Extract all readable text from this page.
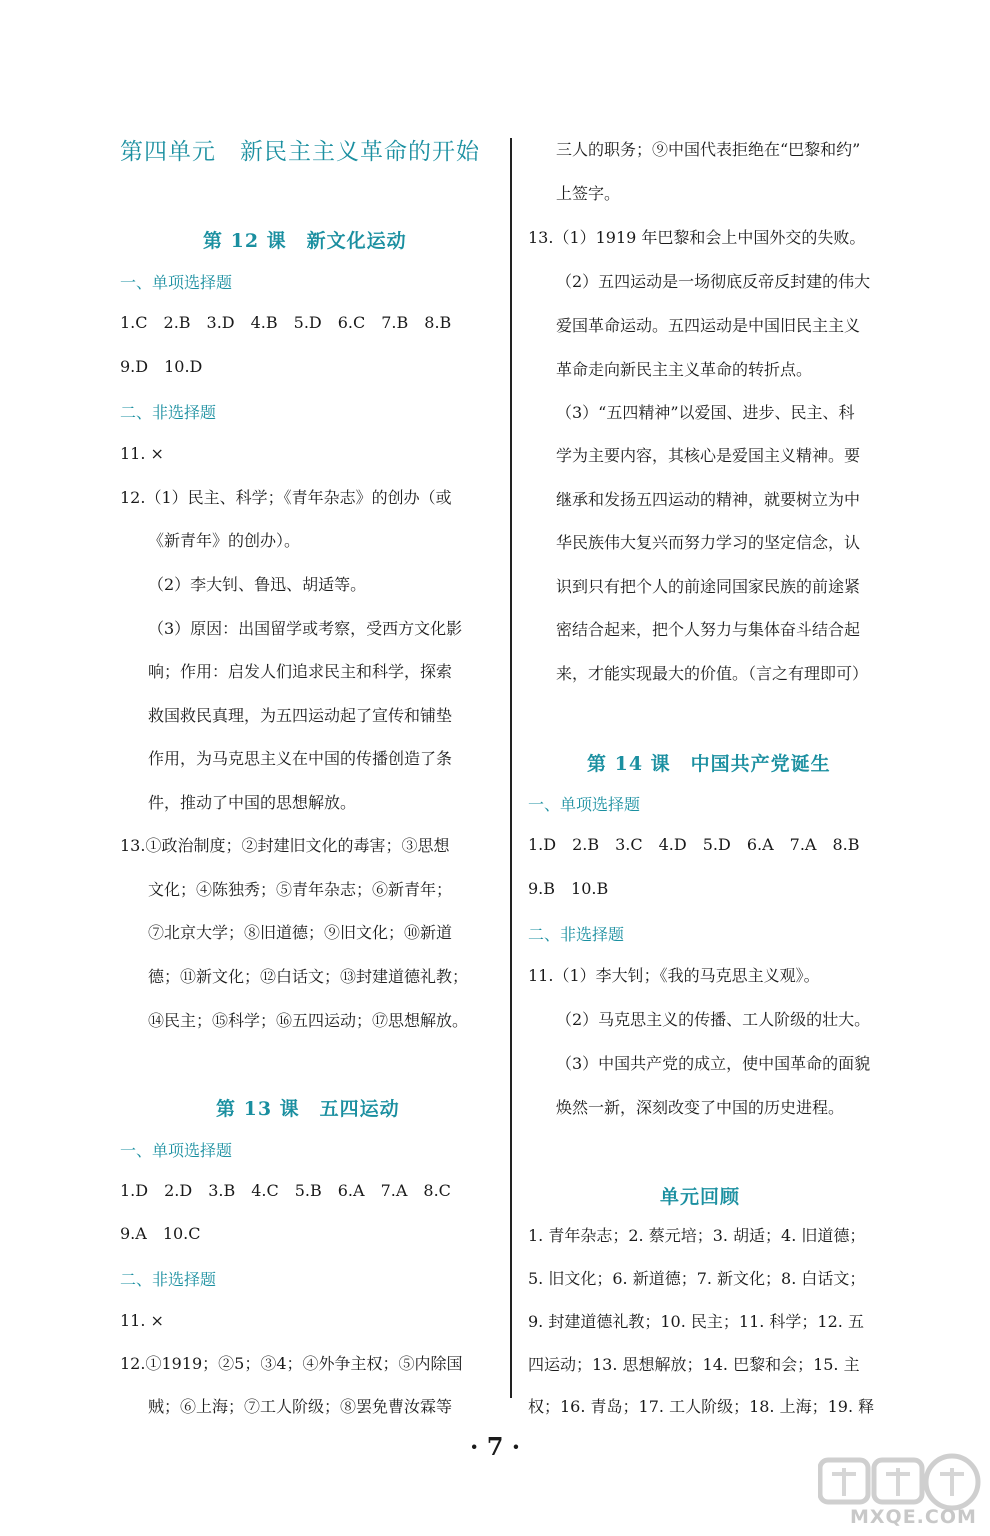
第四单元　新民主主义革命的开始
第 12 课　新文化运动
一、单项选择题
1.C　2.B　3.D　4.B　5.D　6.C　7.B　8.B
9.D　10.D
二、非选择题
11. ×
12.（1）民主、科学；《青年杂志》的创办（或
《新青年》的创办）。
（2）李大钊、鲁迅、胡适等。
（3）原因：出国留学或考察，受西方文化影
响；作用：启发人们追求民主和科学，探索
救国救民真理，为五四运动起了宣传和铺垫
作用，为马克思主义在中国的传播创造了条
件，推动了中国的思想解放。
13.①政治制度；②封建旧文化的毒害；③思想
文化；④陈独秀；⑤青年杂志；⑥新青年；
⑦北京大学；⑧旧道德；⑨旧文化；⑩新道
德；⑪新文化；⑫白话文；⑬封建道德礼教；
⑭民主；⑮科学；⑯五四运动；⑰思想解放。
第 13 课　五四运动
一、单项选择题
1.D　2.D　3.B　4.C　5.B　6.A　7.A　8.C
9.A　10.C
二、非选择题
11. ×
12.①1919；②5；③4；④外争主权；⑤内除国
贼；⑥上海；⑦工人阶级；⑧罢免曹汝霖等
三人的职务；⑨中国代表拒绝在“巴黎和约”
上签字。
13.（1）1919 年巴黎和会上中国外交的失败。
（2）五四运动是一场彻底反帝反封建的伟大
爱国革命运动。五四运动是中国旧民主主义
革命走向新民主主义革命的转折点。
（3）“五四精神”以爱国、进步、民主、科
学为主要内容，其核心是爱国主义精神。要
继承和发扬五四运动的精神，就要树立为中
华民族伟大复兴而努力学习的坚定信念，认
识到只有把个人的前途同国家民族的前途紧
密结合起来，把个人努力与集体奋斗结合起
来，才能实现最大的价值。（言之有理即可）
第 14 课　中国共产党诞生
一、单项选择题
1.D　2.B　3.C　4.D　5.D　6.A　7.A　8.B
9.B　10.B
二、非选择题
11.（1）李大钊；《我的马克思主义观》。
（2）马克思主义的传播、工人阶级的壮大。
（3）中国共产党的成立，使中国革命的面貌
焕然一新，深刻改变了中国的历史进程。
单元回顾
1. 青年杂志；2. 蔡元培；3. 胡适；4. 旧道德；
5. 旧文化；6. 新道德；7. 新文化；8. 白话文；
9. 封建道德礼教；10. 民主；11. 科学；12. 五
四运动；13. 思想解放；14. 巴黎和会；15. 主
权；16. 青岛；17. 工人阶级；18. 上海；19. 释
· 7 ·
MXQE.COM
